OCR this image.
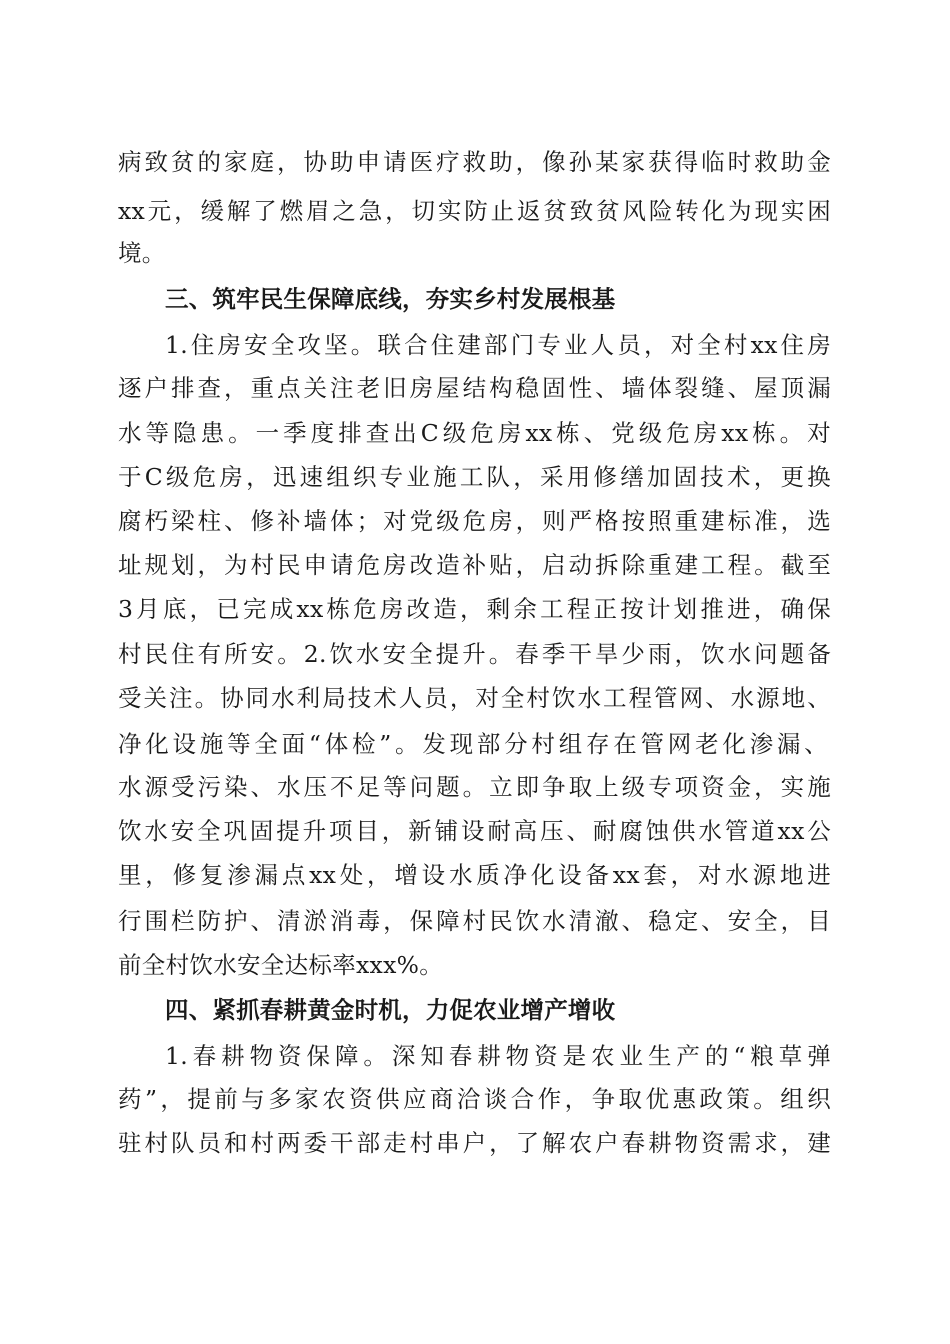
病致贫的家庭，协助申请医疗救助，像孙某家获得临时救助金
xx元，缓解了燃眉之急，切实防止返贫致贫风险转化为现实困
境。
三、筑牢民生保障底线，夯实乡村发展根基
1.住房安全攻坚。联合住建部门专业人员，对全村xx住房
逐户排查，重点关注老旧房屋结构稳固性、墙体裂缝、屋顶漏
水等隐患。一季度排查出C级危房xx栋、党级危房xx栋。对
于C级危房，迅速组织专业施工队，采用修缮加固技术，更换
腐朽梁柱、修补墙体；对党级危房，则严格按照重建标准，选
址规划，为村民申请危房改造补贴，启动拆除重建工程。截至
3月底，已完成xx栋危房改造，剩余工程正按计划推进，确保
村民住有所安。2.饮水安全提升。春季干旱少雨，饮水问题备
受关注。协同水利局技术人员，对全村饮水工程管网、水源地、
净化设施等全面“体检”。发现部分村组存在管网老化渗漏、
水源受污染、水压不足等问题。立即争取上级专项资金，实施
饮水安全巩固提升项目，新铺设耐高压、耐腐蚀供水管道xx公
里，修复渗漏点xx处，增设水质净化设备xx套，对水源地进
行围栏防护、清淤消毒，保障村民饮水清澈、稳定、安全，目
前全村饮水安全达标率xxx%。
四、紧抓春耕黄金时机，力促农业增产增收
1.春耕物资保障。深知春耕物资是农业生产的“粮草弹
药”，提前与多家农资供应商洽谈合作，争取优惠政策。组织
驻村队员和村两委干部走村串户，了解农户春耕物资需求，建
